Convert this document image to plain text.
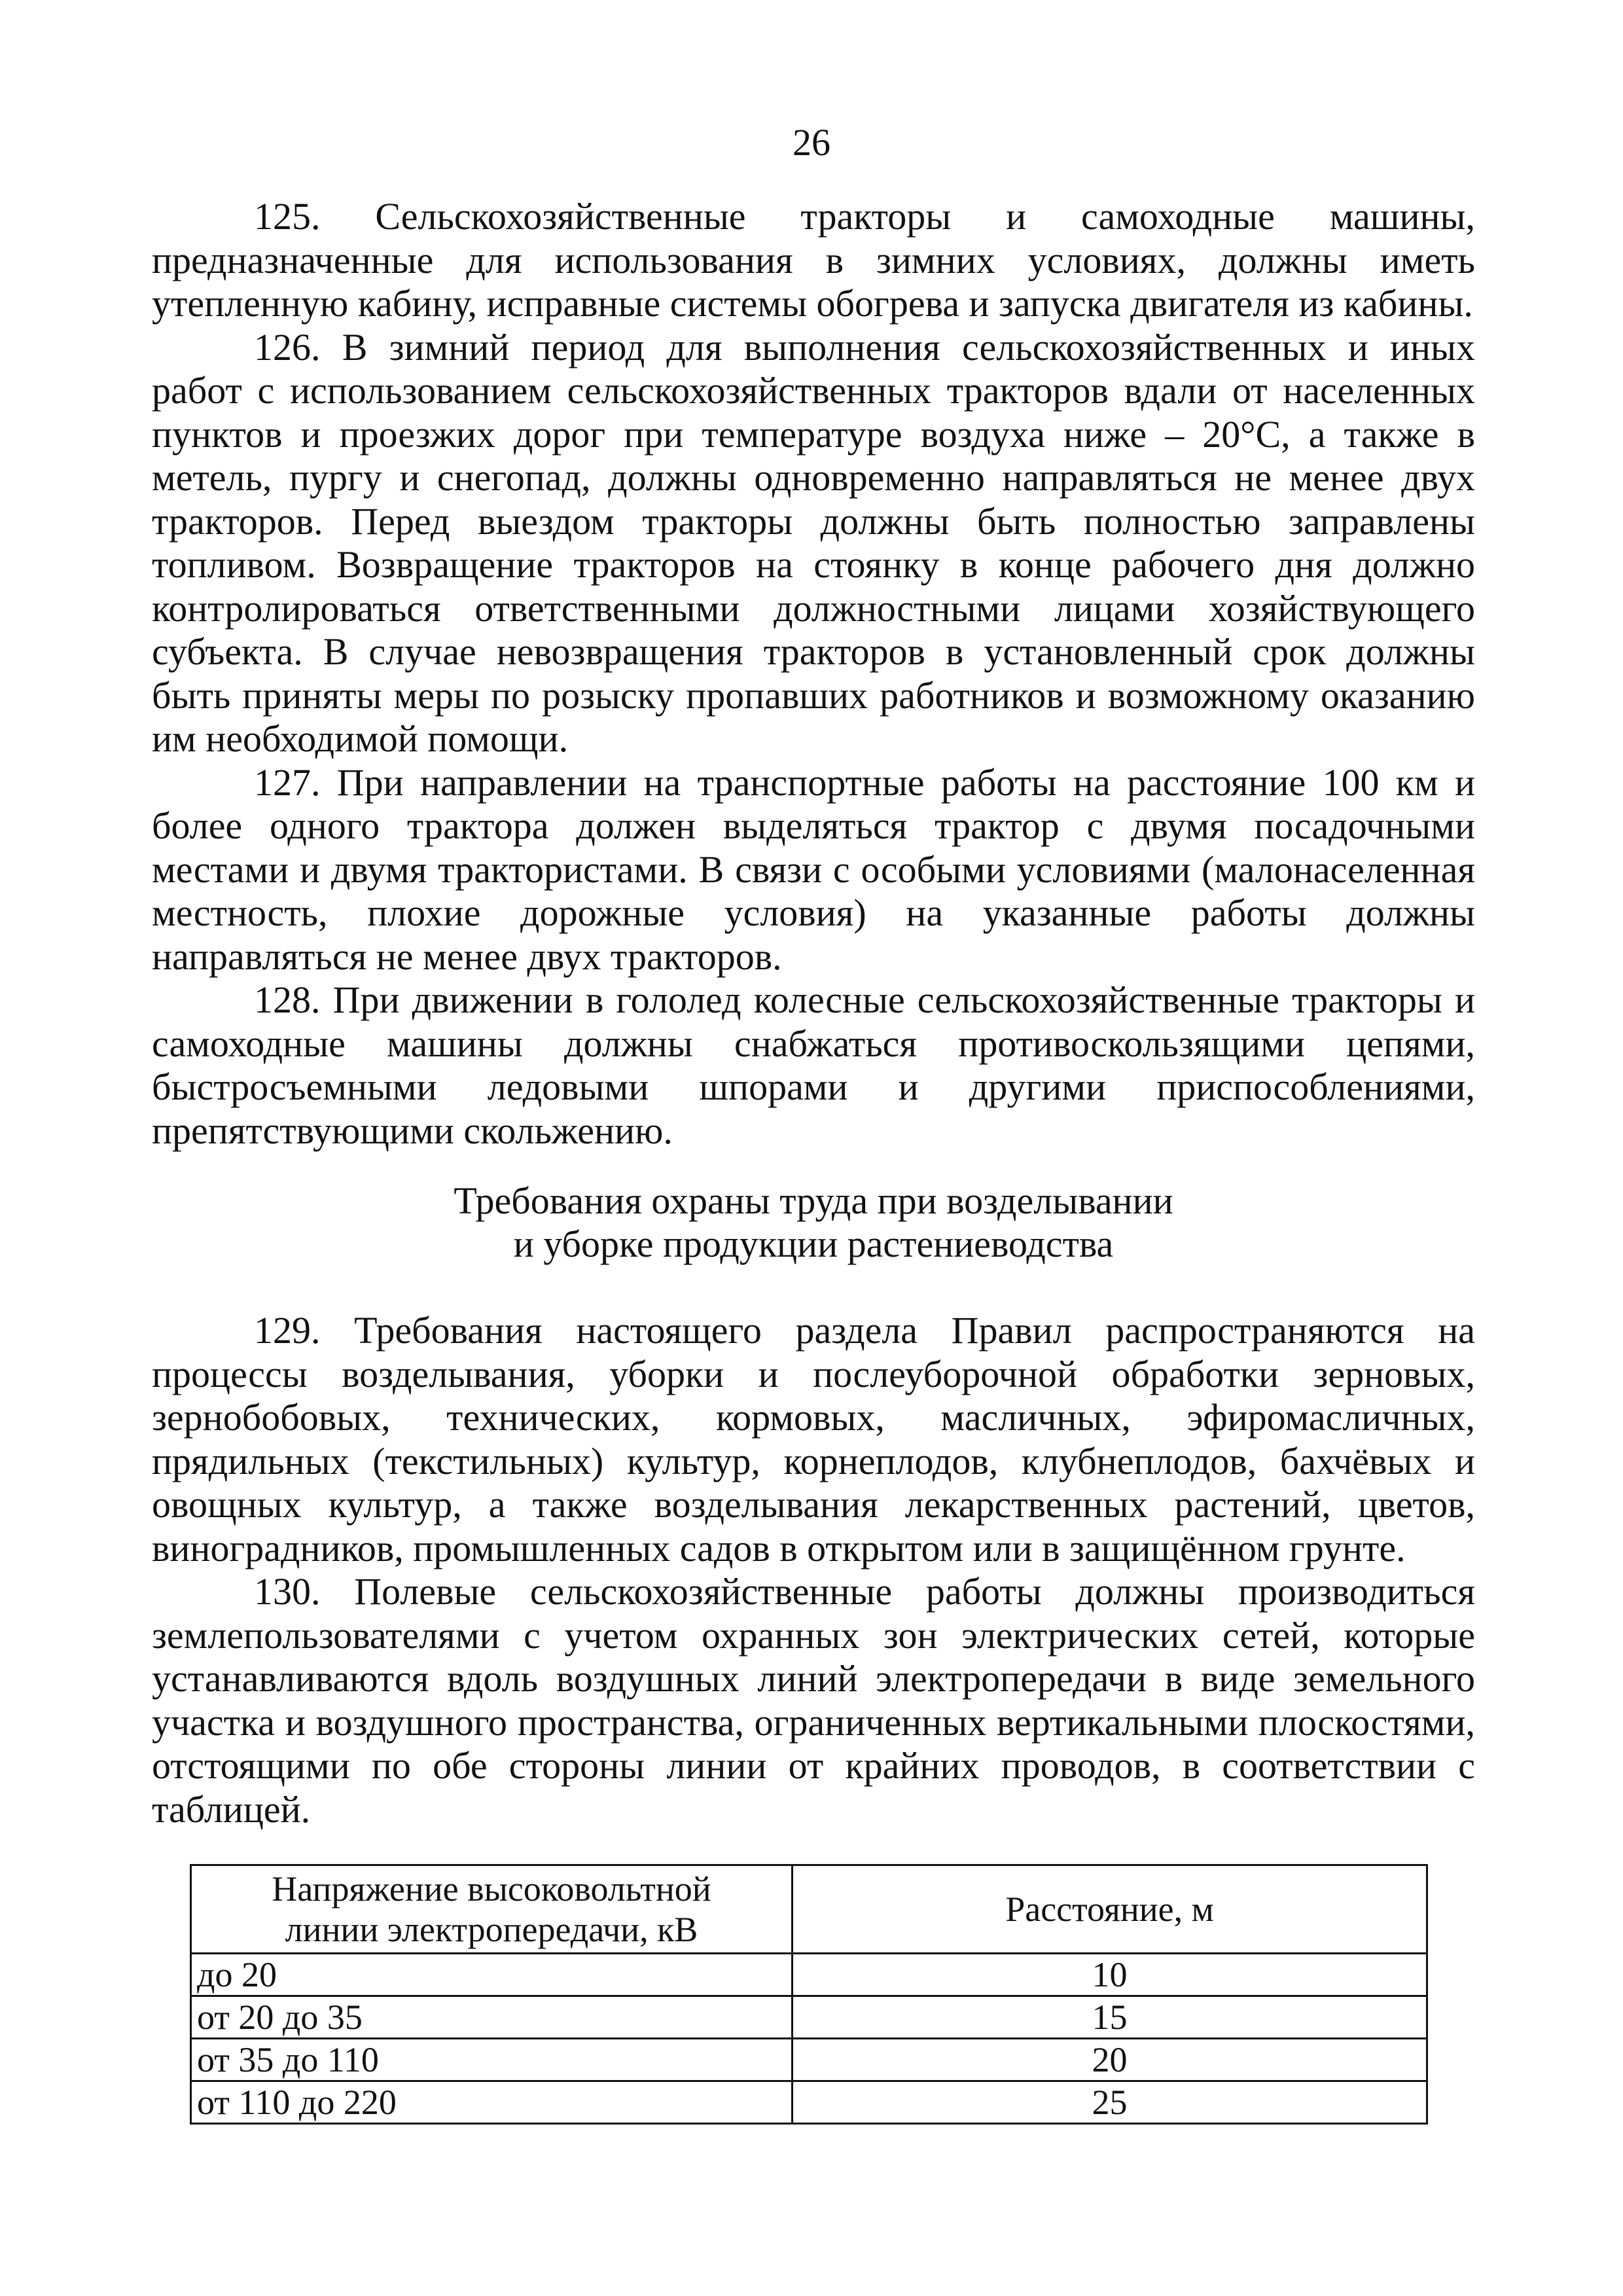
26

125. Сельскохозяйственные тракторы и самоходные машины, предназначенные для использования в зимних условиях, должны иметь утепленную кабину, исправные системы обогрева и запуска двигателя из кабины.

126. В зимний период для выполнения сельскохозяйственных и иных работ с использованием сельскохозяйственных тракторов вдали от населенных пунктов и проезжих дорог при температуре воздуха ниже – 20°С, а также в метель, пургу и снегопад, должны одновременно направляться не менее двух тракторов. Перед выездом тракторы должны быть полностью заправлены топливом. Возвращение тракторов на стоянку в конце рабочего дня должно контролироваться ответственными должностными лицами хозяйствующего субъекта. В случае невозвращения тракторов в установленный срок должны быть приняты меры по розыску пропавших работников и возможному оказанию им необходимой помощи.

127. При направлении на транспортные работы на расстояние 100 км и более одного трактора должен выделяться трактор с двумя посадочными местами и двумя трактористами. В связи с особыми условиями (малонаселенная местность, плохие дорожные условия) на указанные работы должны направляться не менее двух тракторов.

128. При движении в гололед колесные сельскохозяйственные тракторы и самоходные машины должны снабжаться противоскользящими цепями, быстросъемными ледовыми шпорами и другими приспособлениями, препятствующими скольжению.

Требования охраны труда при возделывании
и уборке продукции растениеводства

129. Требования настоящего раздела Правил распространяются на процессы возделывания, уборки и послеуборочной обработки зерновых, зернобобовых, технических, кормовых, масличных, эфиромасличных, прядильных (текстильных) культур, корнеплодов, клубнеплодов, бахчёвых и овощных культур, а также возделывания лекарственных растений, цветов, виноградников, промышленных садов в открытом или в защищённом грунте.

130. Полевые сельскохозяйственные работы должны производиться землепользователями с учетом охранных зон электрических сетей, которые устанавливаются вдоль воздушных линий электропередачи в виде земельного участка и воздушного пространства, ограниченных вертикальными плоскостями, отстоящими по обе стороны линии от крайних проводов, в соответствии с таблицей.

Напряжение высоковольтной
линии электропередачи, кВ	Расстояние, м
до 20	10
от 20 до 35	15
от 35 до 110	20
от 110 до 220	25
